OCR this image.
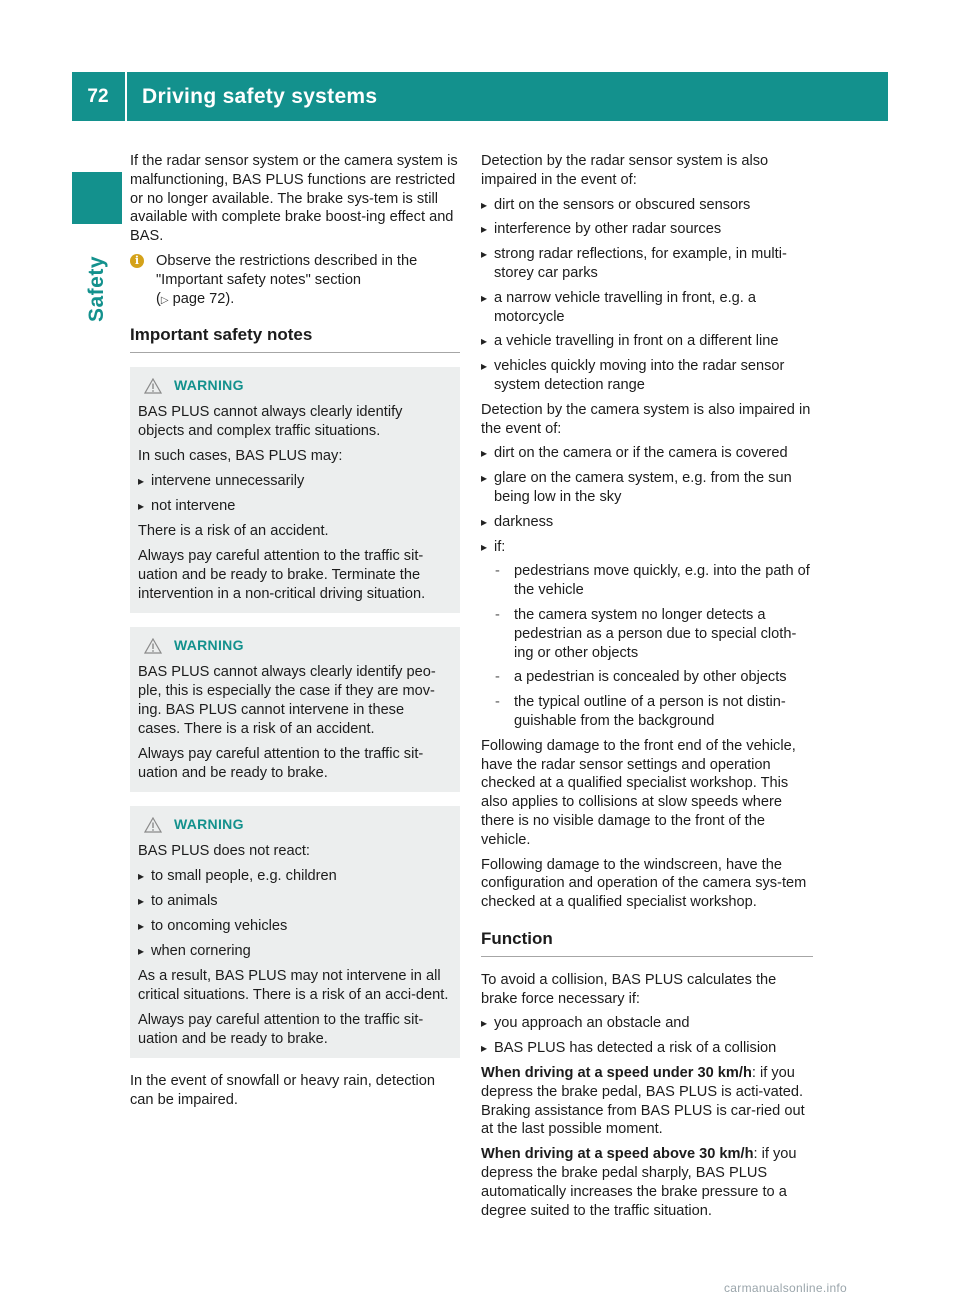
72	Driving safety systems
Safety

If the radar sensor system or the camera system is malfunctioning, BAS PLUS functions are restricted or no longer available. The brake sys-tem is still available with complete brake boost-ing effect and BAS.

i	Observe the restrictions described in the "Important safety notes" section
(▷ page 72).
Important safety notes
WARNING

BAS PLUS cannot always clearly identify objects and complex traffic situations.

In such cases, BAS PLUS may:

▸ intervene unnecessarily
▸ not intervene

There is a risk of an accident.

Always pay careful attention to the traffic sit-uation and be ready to brake. Terminate the intervention in a non-critical driving situation.

WARNING

BAS PLUS cannot always clearly identify peo-ple, this is especially the case if they are mov-ing. BAS PLUS cannot intervene in these cases. There is a risk of an accident.

Always pay careful attention to the traffic sit-uation and be ready to brake.

WARNING

BAS PLUS does not react:

▸ to small people, e.g. children
▸ to animals
▸ to oncoming vehicles
▸ when cornering

As a result, BAS PLUS may not intervene in all critical situations. There is a risk of an acci-dent.

Always pay careful attention to the traffic sit-uation and be ready to brake.

In the event of snowfall or heavy rain, detection can be impaired.

Detection by the radar sensor system is also impaired in the event of:

▸ dirt on the sensors or obscured sensors
▸ interference by other radar sources
▸ strong radar reflections, for example, in multi-storey car parks
▸ a narrow vehicle travelling in front, e.g. a motorcycle
▸ a vehicle travelling in front on a different line
▸ vehicles quickly moving into the radar sensor system detection range

Detection by the camera system is also impaired in the event of:

▸ dirt on the camera or if the camera is covered
▸ glare on the camera system, e.g. from the sun being low in the sky
▸ darkness
▸ if:
- pedestrians move quickly, e.g. into the path of the vehicle
- the camera system no longer detects a pedestrian as a person due to special cloth-ing or other objects
- a pedestrian is concealed by other objects
- the typical outline of a person is not distin-guishable from the background

Following damage to the front end of the vehicle, have the radar sensor settings and operation checked at a qualified specialist workshop. This also applies to collisions at slow speeds where there is no visible damage to the front of the vehicle.

Following damage to the windscreen, have the configuration and operation of the camera sys-tem checked at a qualified specialist workshop.

Function

To avoid a collision, BAS PLUS calculates the brake force necessary if:

▸ you approach an obstacle and
▸ BAS PLUS has detected a risk of a collision

When driving at a speed under 30 km/h: if you depress the brake pedal, BAS PLUS is acti-vated. Braking assistance from BAS PLUS is car-ried out at the last possible moment.

When driving at a speed above 30 km/h: if you depress the brake pedal sharply, BAS PLUS automatically increases the brake pressure to a degree suited to the traffic situation.

carmanualsonline.info
